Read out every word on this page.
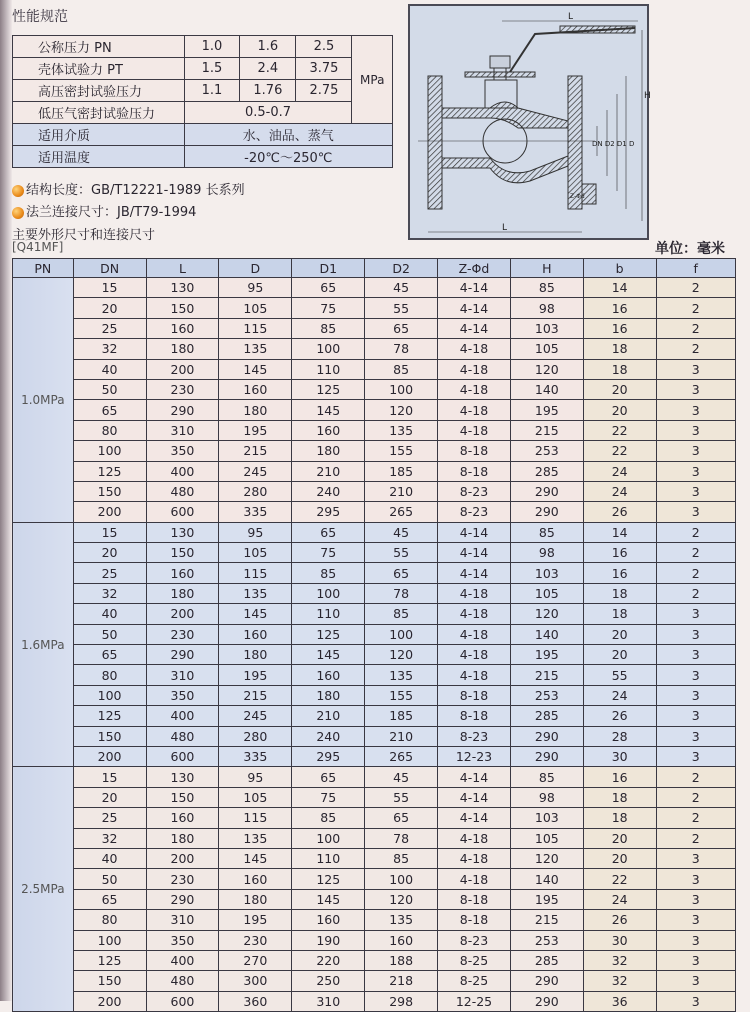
性能规范
公称压力 PN	1.0	1.6	2.5	MPa
壳体试验力 PT	1.5	2.4	3.75	
高压密封试验压力	1.1	1.76	2.75	
低压气密封试验压力	0.5-0.7			
适用介质	水、油品、蒸气			
适用温度	-20℃～250℃			
结构长度：GB/T12221-1989 长系列
法兰连接尺寸：JB/T79-1994
主要外形尺寸和连接尺寸
[Q41MF]	单位：毫米
L
L
H
DN D2 D1 D
Z-Φd
PN	DN	L	D	D1	D2	Z-Φd	H	b	f
1.0MPa	15	130	95	65	45	4-14	85	14	2
	20	150	105	75	55	4-14	98	16	2
	25	160	115	85	65	4-14	103	16	2
	32	180	135	100	78	4-18	105	18	2
	40	200	145	110	85	4-18	120	18	3
	50	230	160	125	100	4-18	140	20	3
	65	290	180	145	120	4-18	195	20	3
	80	310	195	160	135	4-18	215	22	3
	100	350	215	180	155	8-18	253	22	3
	125	400	245	210	185	8-18	285	24	3
	150	480	280	240	210	8-23	290	24	3
	200	600	335	295	265	8-23	290	26	3
1.6MPa	15	130	95	65	45	4-14	85	14	2
	20	150	105	75	55	4-14	98	16	2
	25	160	115	85	65	4-14	103	16	2
	32	180	135	100	78	4-18	105	18	2
	40	200	145	110	85	4-18	120	18	3
	50	230	160	125	100	4-18	140	20	3
	65	290	180	145	120	4-18	195	20	3
	80	310	195	160	135	4-18	215	55	3
	100	350	215	180	155	8-18	253	24	3
	125	400	245	210	185	8-18	285	26	3
	150	480	280	240	210	8-23	290	28	3
	200	600	335	295	265	12-23	290	30	3
2.5MPa	15	130	95	65	45	4-14	85	16	2
	20	150	105	75	55	4-14	98	18	2
	25	160	115	85	65	4-14	103	18	2
	32	180	135	100	78	4-18	105	20	2
	40	200	145	110	85	4-18	120	20	3
	50	230	160	125	100	4-18	140	22	3
	65	290	180	145	120	8-18	195	24	3
	80	310	195	160	135	8-18	215	26	3
	100	350	230	190	160	8-23	253	30	3
	125	400	270	220	188	8-25	285	32	3
	150	480	300	250	218	8-25	290	32	3
	200	600	360	310	298	12-25	290	36	3
